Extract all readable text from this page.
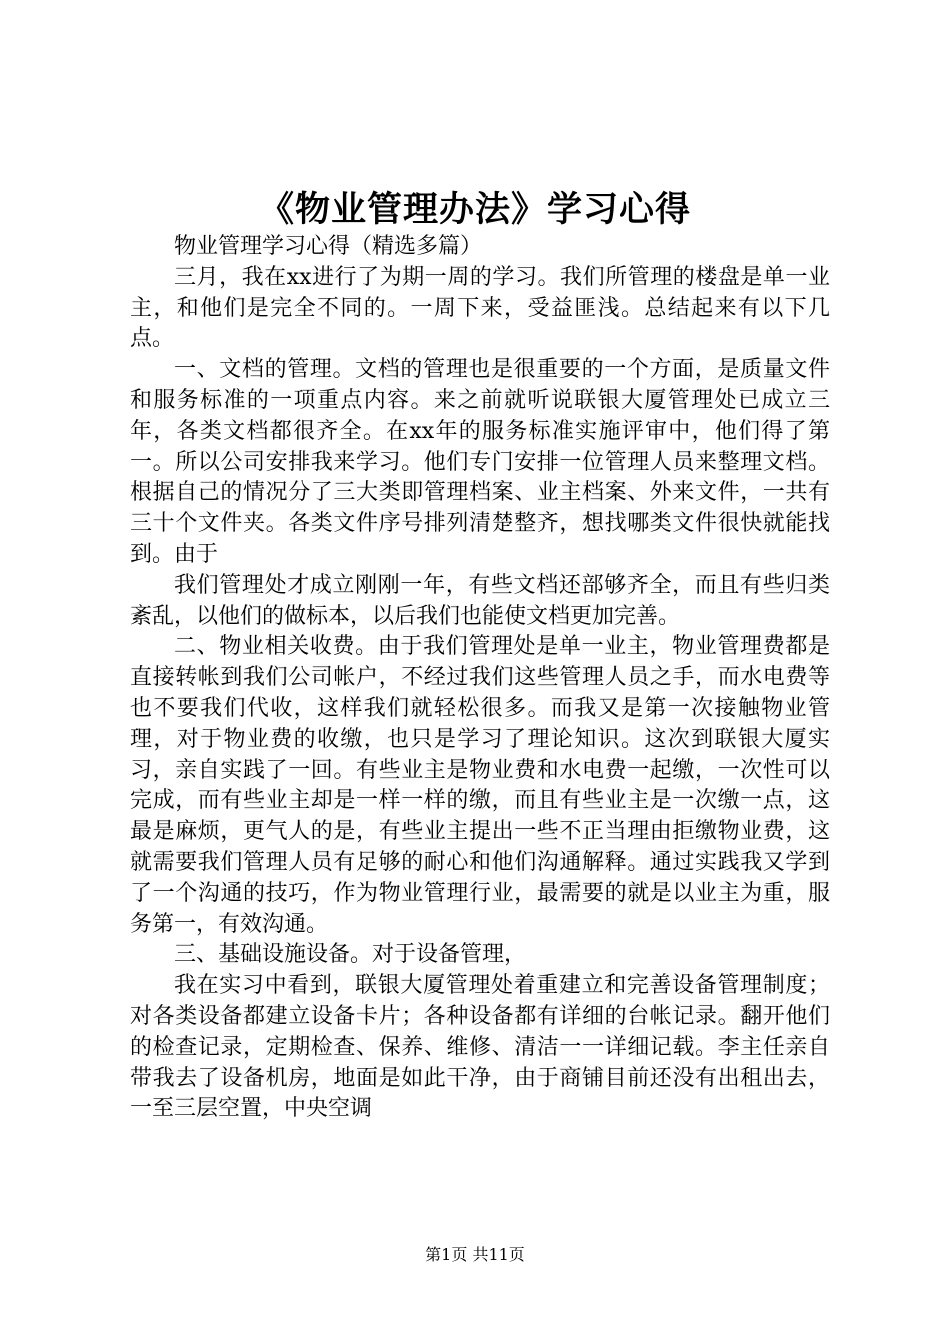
《物业管理办法》学习心得

物业管理学习心得（精选多篇）

三月，我在xx进行了为期一周的学习。我们所管理的楼盘是单一业主，和他们是完全不同的。一周下来，受益匪浅。总结起来有以下几点。

一、文档的管理。文档的管理也是很重要的一个方面，是质量文件和服务标准的一项重点内容。来之前就听说联银大厦管理处已成立三年，各类文档都很齐全。在xx年的服务标准实施评审中，他们得了第一。所以公司安排我来学习。他们专门安排一位管理人员来整理文档。根据自己的情况分了三大类即管理档案、业主档案、外来文件，一共有三十个文件夹。各类文件序号排列清楚整齐，想找哪类文件很快就能找到。由于

我们管理处才成立刚刚一年，有些文档还部够齐全，而且有些归类紊乱，以他们的做标本，以后我们也能使文档更加完善。

二、物业相关收费。由于我们管理处是单一业主，物业管理费都是直接转帐到我们公司帐户，不经过我们这些管理人员之手，而水电费等也不要我们代收，这样我们就轻松很多。而我又是第一次接触物业管理，对于物业费的收缴，也只是学习了理论知识。这次到联银大厦实习，亲自实践了一回。有些业主是物业费和水电费一起缴，一次性可以完成，而有些业主却是一样一样的缴，而且有些业主是一次缴一点，这最是麻烦，更气人的是，有些业主提出一些不正当理由拒缴物业费，这就需要我们管理人员有足够的耐心和他们沟通解释。通过实践我又学到了一个沟通的技巧，作为物业管理行业，最需要的就是以业主为重，服务第一，有效沟通。

三、基础设施设备。对于设备管理，

我在实习中看到，联银大厦管理处着重建立和完善设备管理制度；对各类设备都建立设备卡片；各种设备都有详细的台帐记录。翻开他们的检查记录，定期检查、保养、维修、清洁一一详细记载。李主任亲自带我去了设备机房，地面是如此干净，由于商铺目前还没有出租出去，一至三层空置，中央空调

第1页 共11页
